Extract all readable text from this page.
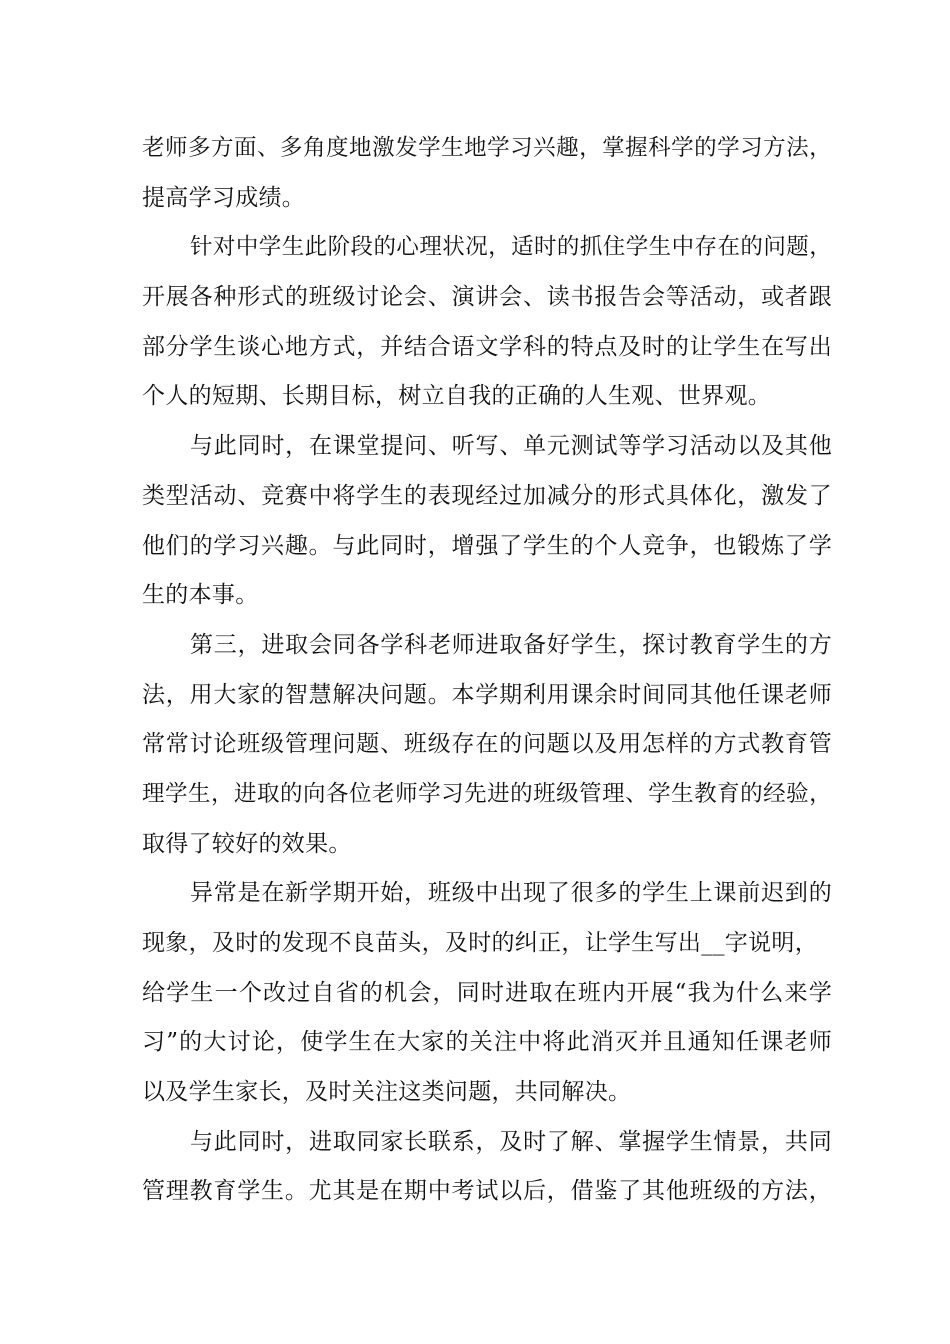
老师多方面、多角度地激发学生地学习兴趣，掌握科学的学习方法，
提高学习成绩。
针对中学生此阶段的心理状况，适时的抓住学生中存在的问题，
开展各种形式的班级讨论会、演讲会、读书报告会等活动，或者跟
部分学生谈心地方式，并结合语文学科的特点及时的让学生在写出
个人的短期、长期目标，树立自我的正确的人生观、世界观。
与此同时，在课堂提问、听写、单元测试等学习活动以及其他
类型活动、竞赛中将学生的表现经过加减分的形式具体化，激发了
他们的学习兴趣。与此同时，增强了学生的个人竞争，也锻炼了学
生的本事。
第三，进取会同各学科老师进取备好学生，探讨教育学生的方
法，用大家的智慧解决问题。本学期利用课余时间同其他任课老师
常常讨论班级管理问题、班级存在的问题以及用怎样的方式教育管
理学生，进取的向各位老师学习先进的班级管理、学生教育的经验，
取得了较好的效果。
异常是在新学期开始，班级中出现了很多的学生上课前迟到的
现象，及时的发现不良苗头，及时的纠正，让学生写出__字说明，
给学生一个改过自省的机会，同时进取在班内开展“我为什么来学
习”的大讨论，使学生在大家的关注中将此消灭并且通知任课老师
以及学生家长，及时关注这类问题，共同解决。
与此同时，进取同家长联系，及时了解、掌握学生情景，共同
管理教育学生。尤其是在期中考试以后，借鉴了其他班级的方法，
